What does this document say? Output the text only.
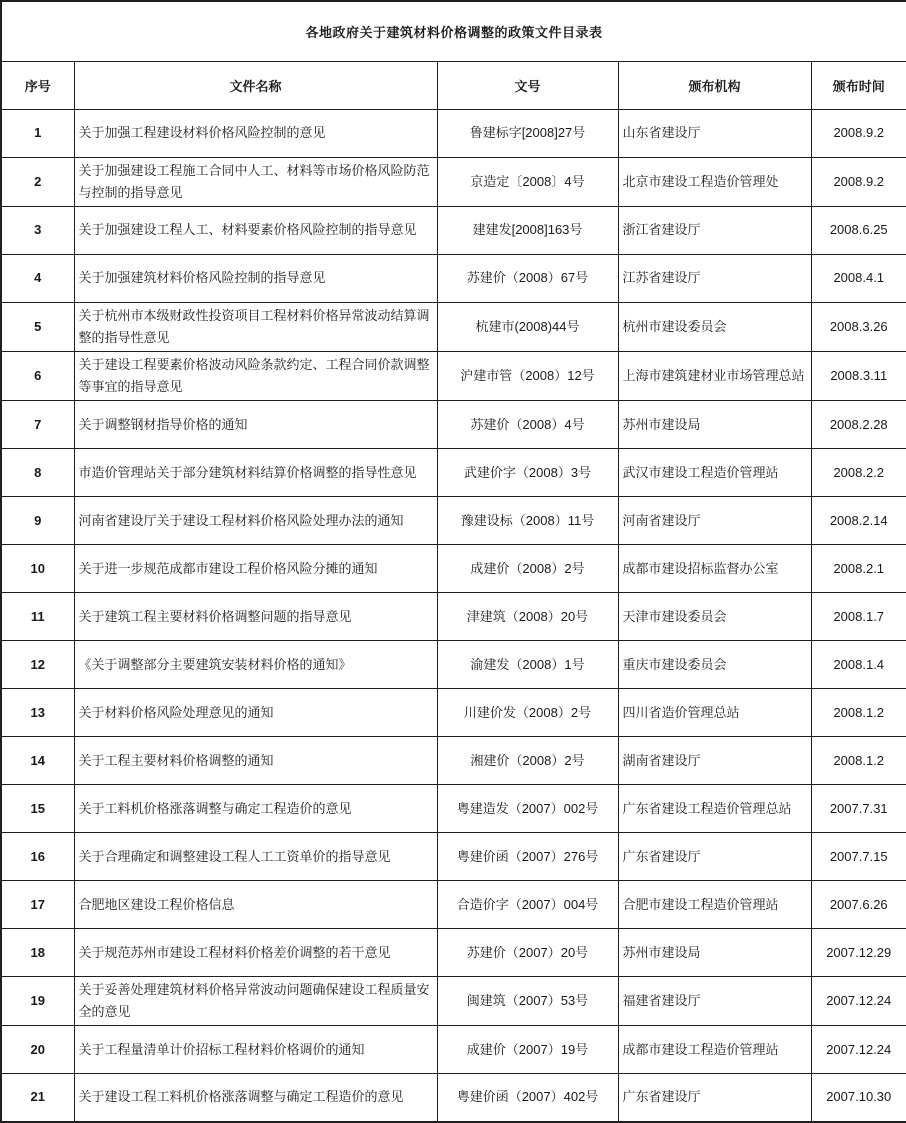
各地政府关于建筑材料价格调整的政策文件目录表				
序号	文件名称	文号	颁布机构	颁布时间
1	关于加强工程建设材料价格风险控制的意见	鲁建标字[2008]27号	山东省建设厅	2008.9.2
2	关于加强建设工程施工合同中人工、材料等市场价格风险防范与控制的指导意见	京造定〔2008〕4号	北京市建设工程造价管理处	2008.9.2
3	关于加强建设工程人工、材料要素价格风险控制的指导意见	建建发[2008]163号	浙江省建设厅	2008.6.25
4	关于加强建筑材料价格风险控制的指导意见	苏建价（2008）67号	江苏省建设厅	2008.4.1
5	关于杭州市本级财政性投资项目工程材料价格异常波动结算调整的指导性意见	杭建市(2008)44号	杭州市建设委员会	2008.3.26
6	关于建设工程要素价格波动风险条款约定、工程合同价款调整等事宜的指导意见	沪建市管（2008）12号	上海市建筑建材业市场管理总站	2008.3.11
7	关于调整钢材指导价格的通知	苏建价（2008）4号	苏州市建设局	2008.2.28
8	市造价管理站关于部分建筑材料结算价格调整的指导性意见	武建价字（2008）3号	武汉市建设工程造价管理站	2008.2.2
9	河南省建设厅关于建设工程材料价格风险处理办法的通知	豫建设标（2008）11号	河南省建设厅	2008.2.14
10	关于进一步规范成都市建设工程价格风险分摊的通知	成建价（2008）2号	成都市建设招标监督办公室	2008.2.1
11	关于建筑工程主要材料价格调整问题的指导意见	津建筑（2008）20号	天津市建设委员会	2008.1.7
12	《关于调整部分主要建筑安装材料价格的通知》	渝建发（2008）1号	重庆市建设委员会	2008.1.4
13	关于材料价格风险处理意见的通知	川建价发（2008）2号	四川省造价管理总站	2008.1.2
14	关于工程主要材料价格调整的通知	湘建价（2008）2号	湖南省建设厅	2008.1.2
15	关于工料机价格涨落调整与确定工程造价的意见	粤建造发（2007）002号	广东省建设工程造价管理总站	2007.7.31
16	关于合理确定和调整建设工程人工工资单价的指导意见	粤建价函（2007）276号	广东省建设厅	2007.7.15
17	合肥地区建设工程价格信息	合造价字（2007）004号	合肥市建设工程造价管理站	2007.6.26
18	关于规范苏州市建设工程材料价格差价调整的若干意见	苏建价（2007）20号	苏州市建设局	2007.12.29
19	关于妥善处理建筑材料价格异常波动问题确保建设工程质量安全的意见	闽建筑（2007）53号	福建省建设厅	2007.12.24
20	关于工程量清单计价招标工程材料价格调价的通知	成建价（2007）19号	成都市建设工程造价管理站	2007.12.24
21	关于建设工程工料机价格涨落调整与确定工程造价的意见	粤建价函（2007）402号	广东省建设厅	2007.10.30
